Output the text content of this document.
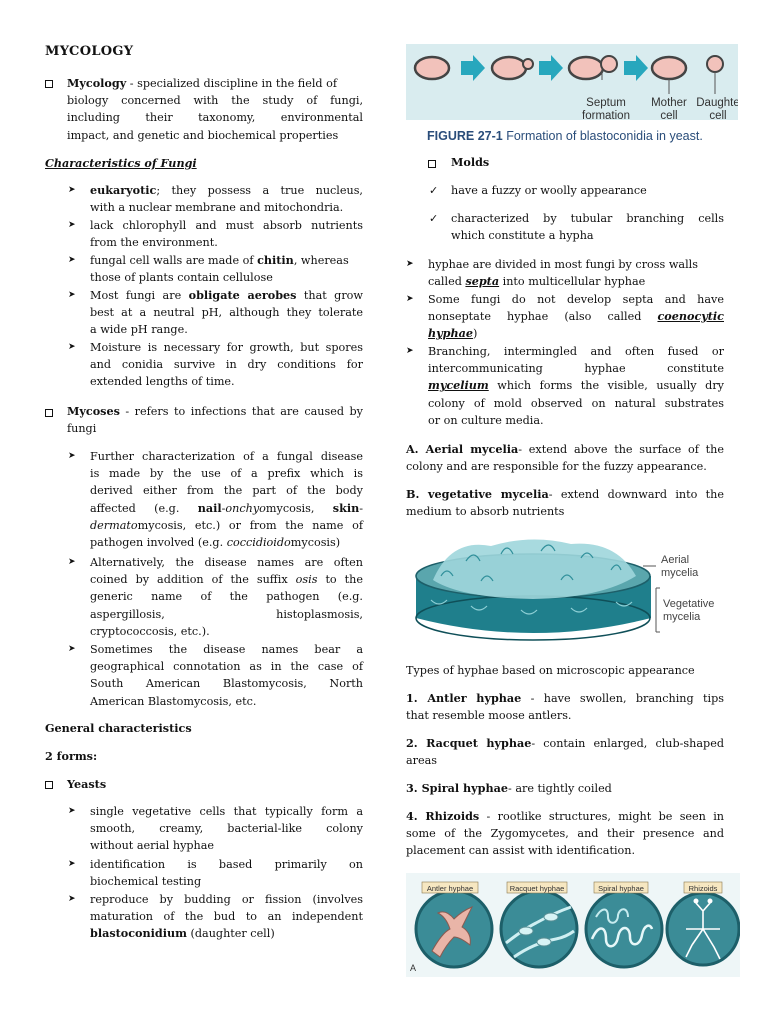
MYCOLOGY

Mycology - specialized discipline in the field of

biology concerned with the study of fungi,

including their taxonomy, environmental

impact, and genetic and biochemical properties

Characteristics of Fungi

➤ eukaryotic; they possess a true nucleus,

with a nuclear membrane and mitochondria.

➤ lack chlorophyll and must absorb nutrients

from the environment.

➤ fungal cell walls are made of chitin, whereas

those of plants contain cellulose

➤ Most fungi are obligate aerobes that grow

best at a neutral pH, although they tolerate

a wide pH range.

➤ Moisture is necessary for growth, but spores

and conidia survive in dry conditions for

extended lengths of time.

Mycoses - refers to infections that are caused by

fungi

➤ Further characterization of a fungal disease

is made by the use of a prefix which is

derived either from the part of the body

affected (e.g. nail-onchyomycosis, skin-

dermatomycosis, etc.) or from the name of

pathogen involved (e.g. coccidioidomycosis)

➤ Alternatively, the disease names are often

coined by addition of the suffix osis to the

generic name of the pathogen (e.g.

aspergillosis, histoplasmosis,

cryptococcosis, etc.).

➤ Sometimes the disease names bear a

geographical connotation as in the case of

South American Blastomycosis, North

American Blastomycosis, etc.

General characteristics

2 forms:

Yeasts

➤ single vegetative cells that typically form a

smooth, creamy, bacterial-like colony

without aerial hyphae

➤ identification is based primarily on

biochemical testing

➤ reproduce by budding or fission (involves

maturation of the bud to an independent

blastoconidium (daughter cell)

Septum
formation
Mother
cell
Daughte
cell
FIGURE 27-1 Formation of blastoconidia in yeast.

Molds

✓ have a fuzzy or woolly appearance

✓ characterized by tubular branching cells

which constitute a hypha

➤ hyphae are divided in most fungi by cross walls

called septa into multicellular hyphae

➤ Some fungi do not develop septa and have

nonseptate hyphae (also called coenocytic

hyphae)

➤ Branching, intermingled and often fused or

intercommunicating hyphae constitute

mycelium which forms the visible, usually dry

colony of mold observed on natural substrates

or on culture media.

A. Aerial mycelia- extend above the surface of the

colony and are responsible for the fuzzy appearance.

B. vegetative mycelia- extend downward into the

medium to absorb nutrients

Aerial
mycelia
Vegetative
mycelia

Types of hyphae based on microscopic appearance

1. Antler hyphae - have swollen, branching tips

that resemble moose antlers.

2. Racquet hyphae- contain enlarged, club-shaped

areas

3. Spiral hyphae- are tightly coiled

4. Rhizoids - rootlike structures, might be seen in

some of the Zygomycetes, and their presence and

placement can assist with identification.

Antler hyphae	Racquet hyphae	Spiral hyphae	Rhizoids
A
